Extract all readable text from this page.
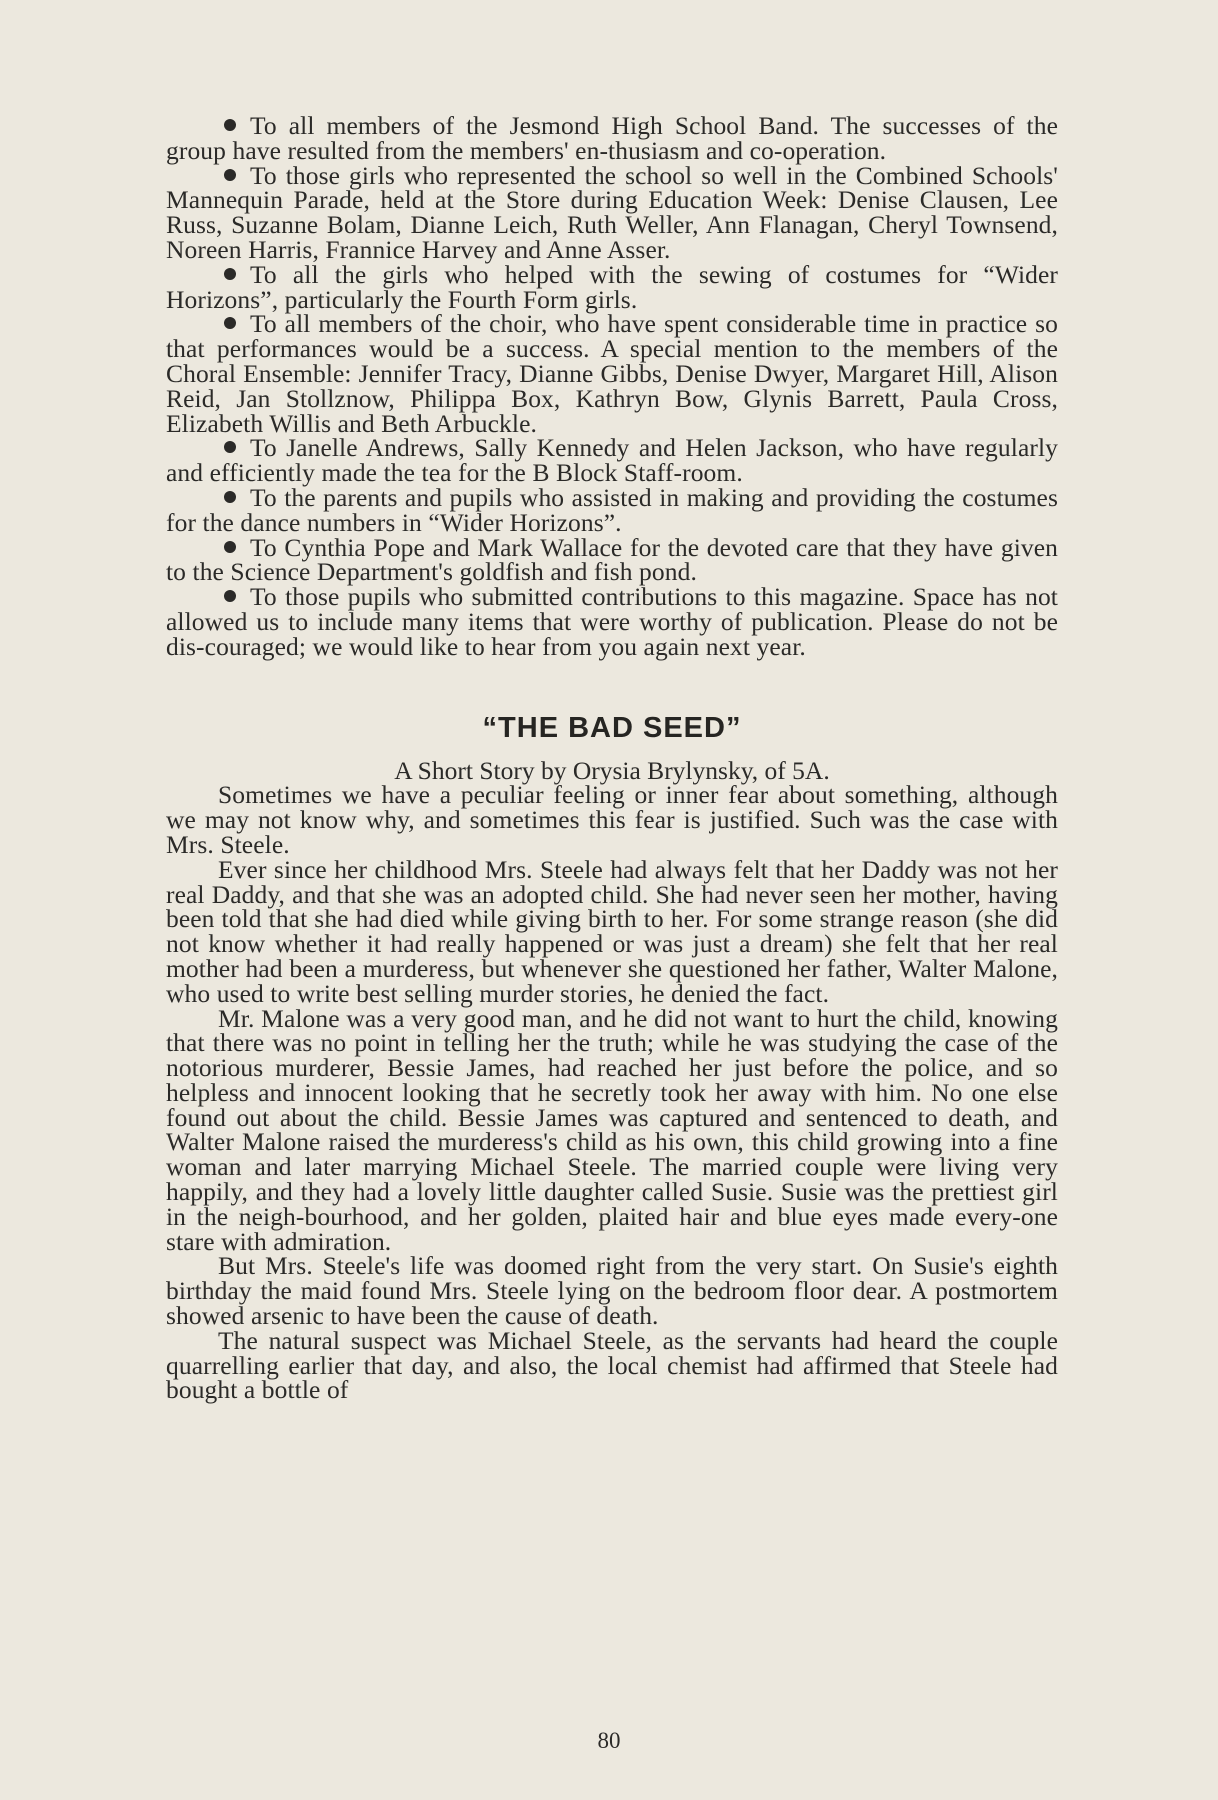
To all members of the Jesmond High School Band. The successes of the group have resulted from the members' en-thusiasm and co-operation.

To those girls who represented the school so well in the Combined Schools' Mannequin Parade, held at the Store during Education Week: Denise Clausen, Lee Russ, Suzanne Bolam, Dianne Leich, Ruth Weller, Ann Flanagan, Cheryl Townsend, Noreen Harris, Frannice Harvey and Anne Asser.

To all the girls who helped with the sewing of costumes for “Wider Horizons”, particularly the Fourth Form girls.

To all members of the choir, who have spent considerable time in practice so that performances would be a success. A special mention to the members of the Choral Ensemble: Jennifer Tracy, Dianne Gibbs, Denise Dwyer, Margaret Hill, Alison Reid, Jan Stollznow, Philippa Box, Kathryn Bow, Glynis Barrett, Paula Cross, Elizabeth Willis and Beth Arbuckle.

To Janelle Andrews, Sally Kennedy and Helen Jackson, who have regularly and efficiently made the tea for the B Block Staff-room.

To the parents and pupils who assisted in making and providing the costumes for the dance numbers in “Wider Horizons”.

To Cynthia Pope and Mark Wallace for the devoted care that they have given to the Science Department's goldfish and fish pond.

To those pupils who submitted contributions to this magazine. Space has not allowed us to include many items that were worthy of publication. Please do not be dis-couraged; we would like to hear from you again next year.

“THE BAD SEED”

A Short Story by Orysia Brylynsky, of 5A.

Sometimes we have a peculiar feeling or inner fear about something, although we may not know why, and sometimes this fear is justified. Such was the case with Mrs. Steele.

Ever since her childhood Mrs. Steele had always felt that her Daddy was not her real Daddy, and that she was an adopted child. She had never seen her mother, having been told that she had died while giving birth to her. For some strange reason (she did not know whether it had really happened or was just a dream) she felt that her real mother had been a murderess, but whenever she questioned her father, Walter Malone, who used to write best selling murder stories, he denied the fact.

Mr. Malone was a very good man, and he did not want to hurt the child, knowing that there was no point in telling her the truth; while he was studying the case of the notorious murderer, Bessie James, had reached her just before the police, and so helpless and innocent looking that he secretly took her away with him. No one else found out about the child. Bessie James was captured and sentenced to death, and Walter Malone raised the murderess's child as his own, this child growing into a fine woman and later marrying Michael Steele. The married couple were living very happily, and they had a lovely little daughter called Susie. Susie was the prettiest girl in the neigh-bourhood, and her golden, plaited hair and blue eyes made every-one stare with admiration.

But Mrs. Steele's life was doomed right from the very start. On Susie's eighth birthday the maid found Mrs. Steele lying on the bedroom floor dear. A postmortem showed arsenic to have been the cause of death.

The natural suspect was Michael Steele, as the servants had heard the couple quarrelling earlier that day, and also, the local chemist had affirmed that Steele had bought a bottle of

80
